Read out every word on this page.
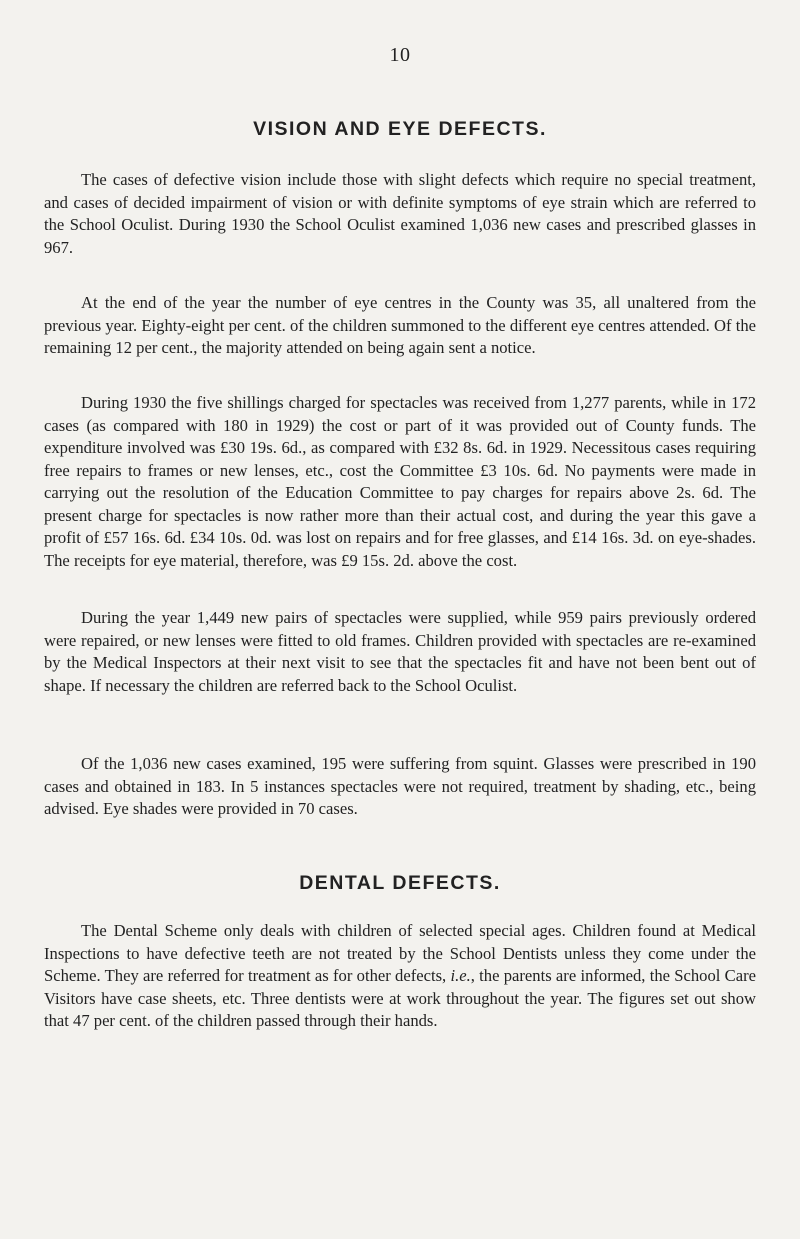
10
VISION AND EYE DEFECTS.

The cases of defective vision include those with slight defects which require no special treatment, and cases of decided impairment of vision or with definite symptoms of eye strain which are referred to the School Oculist. During 1930 the School Oculist examined 1,036 new cases and prescribed glasses in 967.

At the end of the year the number of eye centres in the County was 35, all unaltered from the previous year. Eighty-eight per cent. of the children summoned to the different eye centres attended. Of the remaining 12 per cent., the majority attended on being again sent a notice.

During 1930 the five shillings charged for spectacles was received from 1,277 parents, while in 172 cases (as compared with 180 in 1929) the cost or part of it was provided out of County funds. The expenditure involved was £30 19s. 6d., as compared with £32 8s. 6d. in 1929. Necessitous cases requiring free repairs to frames or new lenses, etc., cost the Committee £3 10s. 6d. No payments were made in carrying out the resolution of the Education Committee to pay charges for repairs above 2s. 6d. The present charge for spectacles is now rather more than their actual cost, and during the year this gave a profit of £57 16s. 6d. £34 10s. 0d. was lost on repairs and for free glasses, and £14 16s. 3d. on eye-shades. The receipts for eye material, therefore, was £9 15s. 2d. above the cost.

During the year 1,449 new pairs of spectacles were supplied, while 959 pairs previously ordered were repaired, or new lenses were fitted to old frames. Children provided with spectacles are re-examined by the Medical Inspectors at their next visit to see that the spectacles fit and have not been bent out of shape. If necessary the children are referred back to the School Oculist.

Of the 1,036 new cases examined, 195 were suffering from squint. Glasses were prescribed in 190 cases and obtained in 183. In 5 instances spectacles were not required, treatment by shading, etc., being advised. Eye shades were provided in 70 cases.

DENTAL DEFECTS.

The Dental Scheme only deals with children of selected special ages. Children found at Medical Inspections to have defective teeth are not treated by the School Dentists unless they come under the Scheme. They are referred for treatment as for other defects, i.e., the parents are informed, the School Care Visitors have case sheets, etc. Three dentists were at work throughout the year. The figures set out show that 47 per cent. of the children passed through their hands.
